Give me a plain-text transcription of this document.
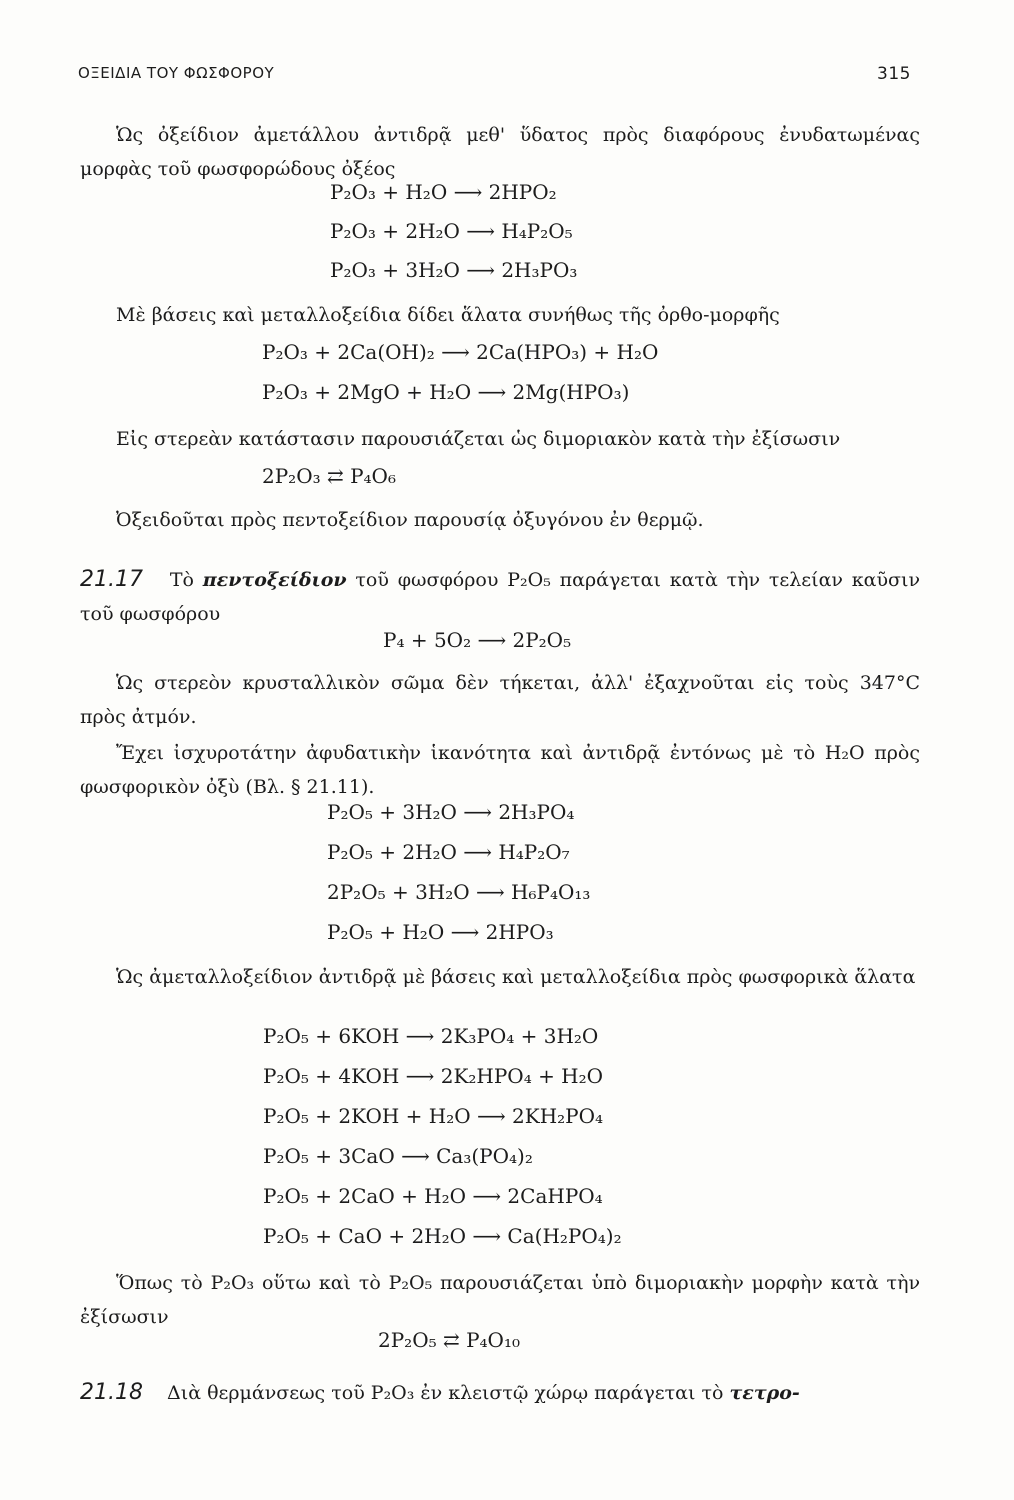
ΟΞΕΙΔΙΑ ΤΟΥ ΦΩΣΦΟΡΟΥ	315
Ὡς ὀξείδιον ἀμετάλλου ἀντιδρᾷ μεθ' ὕδατος πρὸς διαφόρους ἐνυδατωμένας μορφὰς τοῦ φωσφορώδους ὀξέος
P₂O₃ + H₂O ⟶ 2HPO₂
P₂O₃ + 2H₂O ⟶ H₄P₂O₅
P₂O₃ + 3H₂O ⟶ 2H₃PO₃
Μὲ βάσεις καὶ μεταλλοξείδια δίδει ἅλατα συνήθως τῆς ὀρθο-μορφῆς
P₂O₃ + 2Ca(OH)₂ ⟶ 2Ca(HPO₃) + H₂O
P₂O₃ + 2MgO + H₂O ⟶ 2Mg(HPO₃)
Εἰς στερεὰν κατάστασιν παρουσιάζεται ὡς διμοριακὸν κατὰ τὴν ἐξίσωσιν
2P₂O₃ ⇄ P₄O₆
Ὀξειδοῦται πρὸς πεντοξείδιον παρουσίᾳ ὀξυγόνου ἐν θερμῷ.
21.17 Τὸ πεντοξείδιον τοῦ φωσφόρου P₂O₅ παράγεται κατὰ τὴν τελείαν καῦσιν τοῦ φωσφόρου
P₄ + 5O₂ ⟶ 2P₂O₅
Ὡς στερεὸν κρυσταλλικὸν σῶμα δὲν τήκεται, ἀλλ' ἐξαχνοῦται εἰς τοὺς 347°C πρὸς ἀτμόν.
Ἔχει ἰσχυροτάτην ἀφυδατικὴν ἱκανότητα καὶ ἀντιδρᾷ ἐντόνως μὲ τὸ H₂O πρὸς φωσφορικὸν ὀξὺ (Βλ. § 21.11).
P₂O₅ + 3H₂O ⟶ 2H₃PO₄
P₂O₅ + 2H₂O ⟶ H₄P₂O₇
2P₂O₅ + 3H₂O ⟶ H₆P₄O₁₃
P₂O₅ + H₂O ⟶ 2HPO₃
Ὡς ἀμεταλλοξείδιον ἀντιδρᾷ μὲ βάσεις καὶ μεταλλοξείδια πρὸς φωσφορικὰ ἅλατα
P₂O₅ + 6KOH ⟶ 2K₃PO₄ + 3H₂O
P₂O₅ + 4KOH ⟶ 2K₂HPO₄ + H₂O
P₂O₅ + 2KOH + H₂O ⟶ 2KH₂PO₄
P₂O₅ + 3CaO ⟶ Ca₃(PO₄)₂
P₂O₅ + 2CaO + H₂O ⟶ 2CaHPO₄
P₂O₅ + CaO + 2H₂O ⟶ Ca(H₂PO₄)₂
Ὅπως τὸ P₂O₃ οὕτω καὶ τὸ P₂O₅ παρουσιάζεται ὑπὸ διμοριακὴν μορφὴν κατὰ τὴν ἐξίσωσιν
2P₂O₅ ⇄ P₄O₁₀
21.18 Διὰ θερμάνσεως τοῦ P₂O₃ ἐν κλειστῷ χώρῳ παράγεται τὸ τετρο-
